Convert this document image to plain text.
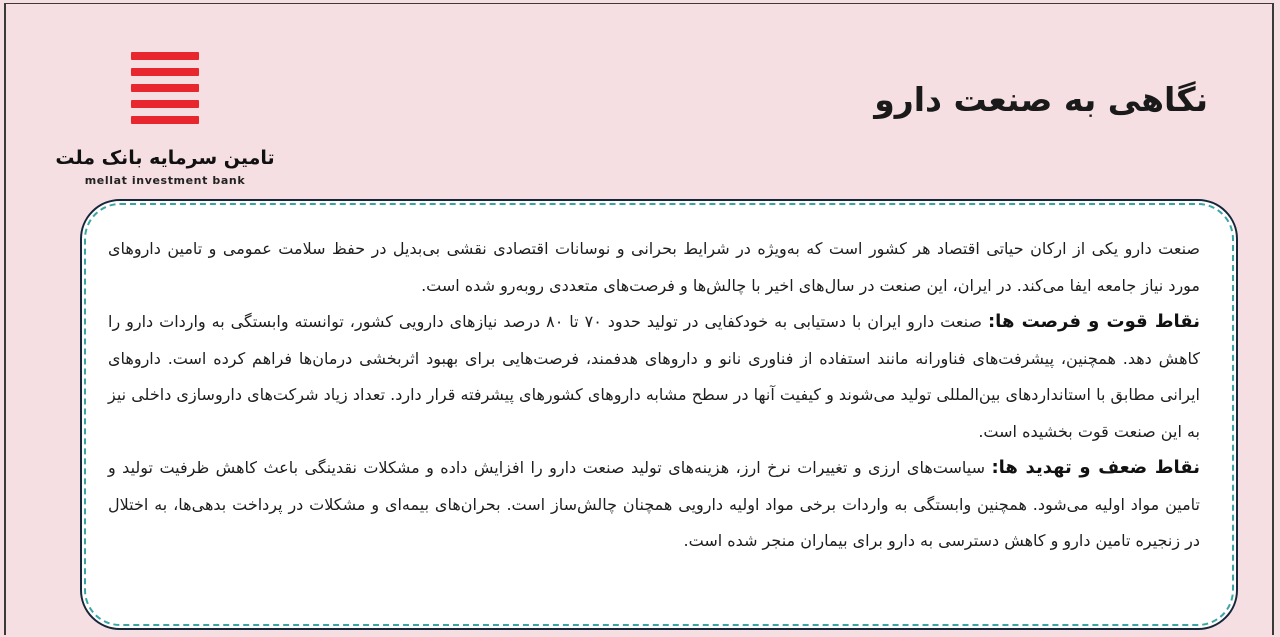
نگاهی به صنعت دارو
تامین سرمایه بانک ملت
mellat investment bank

صنعت دارو یکی از ارکان حیاتی اقتصاد هر کشور است که به‌ویژه در شرایط بحرانی و نوسانات اقتصادی نقشی بی‌بدیل در حفظ سلامت عمومی و تامین داروهای مورد نیاز جامعه ایفا می‌کند. در ایران، این صنعت در سال‌های اخیر با چالش‌ها و فرصت‌های متعددی روبه‌رو شده است.

نقاط قوت و فرصت ها: صنعت دارو ایران با دستیابی به خودکفایی در تولید حدود ۷۰ تا ۸۰ درصد نیازهای دارویی کشور، توانسته وابستگی به واردات دارو را کاهش دهد. همچنین، پیشرفت‌های فناورانه مانند استفاده از فناوری نانو و داروهای هدفمند، فرصت‌هایی برای بهبود اثربخشی درمان‌ها فراهم کرده است. داروهای ایرانی مطابق با استانداردهای بین‌المللی تولید می‌شوند و کیفیت آنها در سطح مشابه داروهای کشورهای پیشرفته قرار دارد. تعداد زیاد شرکت‌های داروسازی داخلی نیز به این صنعت قوت بخشیده است.

نقاط ضعف و تهدید ها: سیاست‌های ارزی و تغییرات نرخ ارز، هزینه‌های تولید صنعت دارو را افزایش داده و مشکلات نقدینگی باعث کاهش ظرفیت تولید و تامین مواد اولیه می‌شود. همچنین وابستگی به واردات برخی مواد اولیه دارویی همچنان چالش‌ساز است. بحران‌های بیمه‌ای و مشکلات در پرداخت بدهی‌ها، به اختلال در زنجیره تامین دارو و کاهش دسترسی به دارو برای بیماران منجر شده است.
